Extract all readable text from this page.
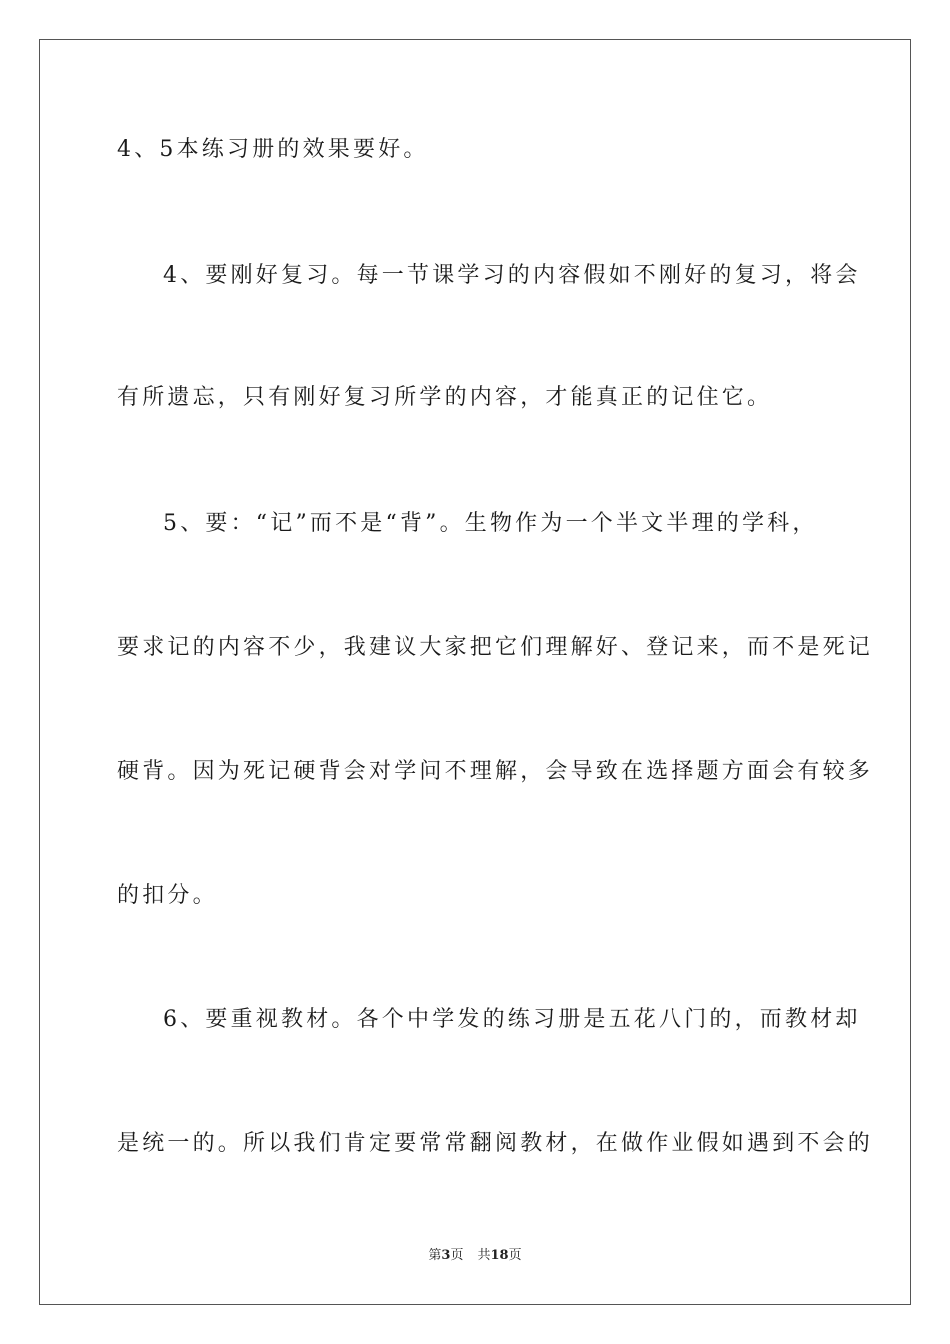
4、5本练习册的效果要好。
4、要刚好复习。每一节课学习的内容假如不刚好的复习，将会
有所遗忘，只有刚好复习所学的内容，才能真正的记住它。
5、要：“记”而不是“背”。生物作为一个半文半理的学科，
要求记的内容不少，我建议大家把它们理解好、登记来，而不是死记
硬背。因为死记硬背会对学问不理解，会导致在选择题方面会有较多
的扣分。
6、要重视教材。各个中学发的练习册是五花八门的，而教材却
是统一的。所以我们肯定要常常翻阅教材，在做作业假如遇到不会的
第3页 共18页
